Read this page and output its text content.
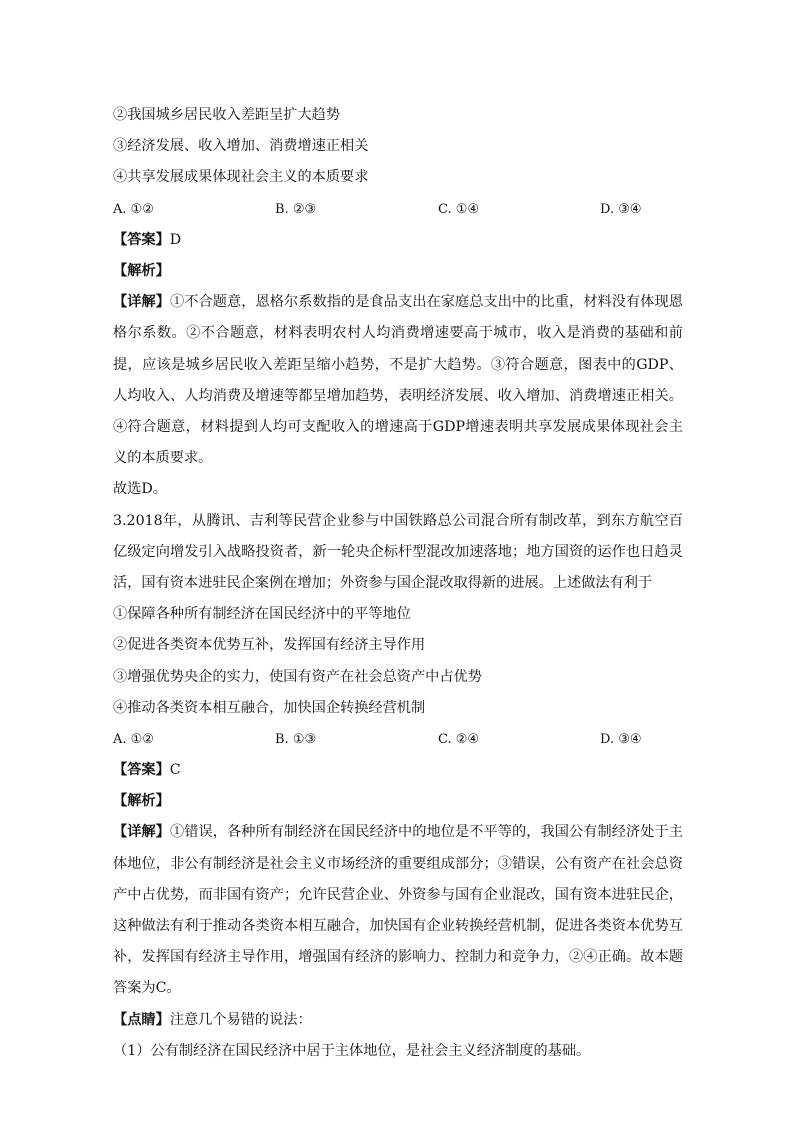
②我国城乡居民收入差距呈扩大趋势

③经济发展、收入增加、消费增速正相关

④共享发展成果体现社会主义的本质要求

A. ①②	B. ②③	C. ①④	D. ③④

【答案】D

【解析】

【详解】①不合题意，恩格尔系数指的是食品支出在家庭总支出中的比重，材料没有体现恩格尔系数。②不合题意，材料表明农村人均消费增速要高于城市，收入是消费的基础和前提，应该是城乡居民收入差距呈缩小趋势，不是扩大趋势。③符合题意，图表中的GDP、人均收入、人均消费及增速等都呈增加趋势，表明经济发展、收入增加、消费增速正相关。④符合题意，材料提到人均可支配收入的增速高于GDP增速表明共享发展成果体现社会主义的本质要求。

故选D。

3.2018年，从腾讯、吉利等民营企业参与中国铁路总公司混合所有制改革，到东方航空百亿级定向增发引入战略投资者，新一轮央企标杆型混改加速落地；地方国资的运作也日趋灵活，国有资本进驻民企案例在增加；外资参与国企混改取得新的进展。上述做法有利于

①保障各种所有制经济在国民经济中的平等地位

②促进各类资本优势互补，发挥国有经济主导作用

③增强优势央企的实力，使国有资产在社会总资产中占优势

④推动各类资本相互融合，加快国企转换经营机制

A. ①②	B. ①③	C. ②④	D. ③④

【答案】C

【解析】

【详解】①错误，各种所有制经济在国民经济中的地位是不平等的，我国公有制经济处于主体地位，非公有制经济是社会主义市场经济的重要组成部分；③错误，公有资产在社会总资产中占优势，而非国有资产；允许民营企业、外资参与国有企业混改，国有资本进驻民企，这种做法有利于推动各类资本相互融合，加快国有企业转换经营机制，促进各类资本优势互补，发挥国有经济主导作用，增强国有经济的影响力、控制力和竞争力，②④正确。故本题答案为C。

【点睛】注意几个易错的说法：

（1）公有制经济在国民经济中居于主体地位，是社会主义经济制度的基础。
